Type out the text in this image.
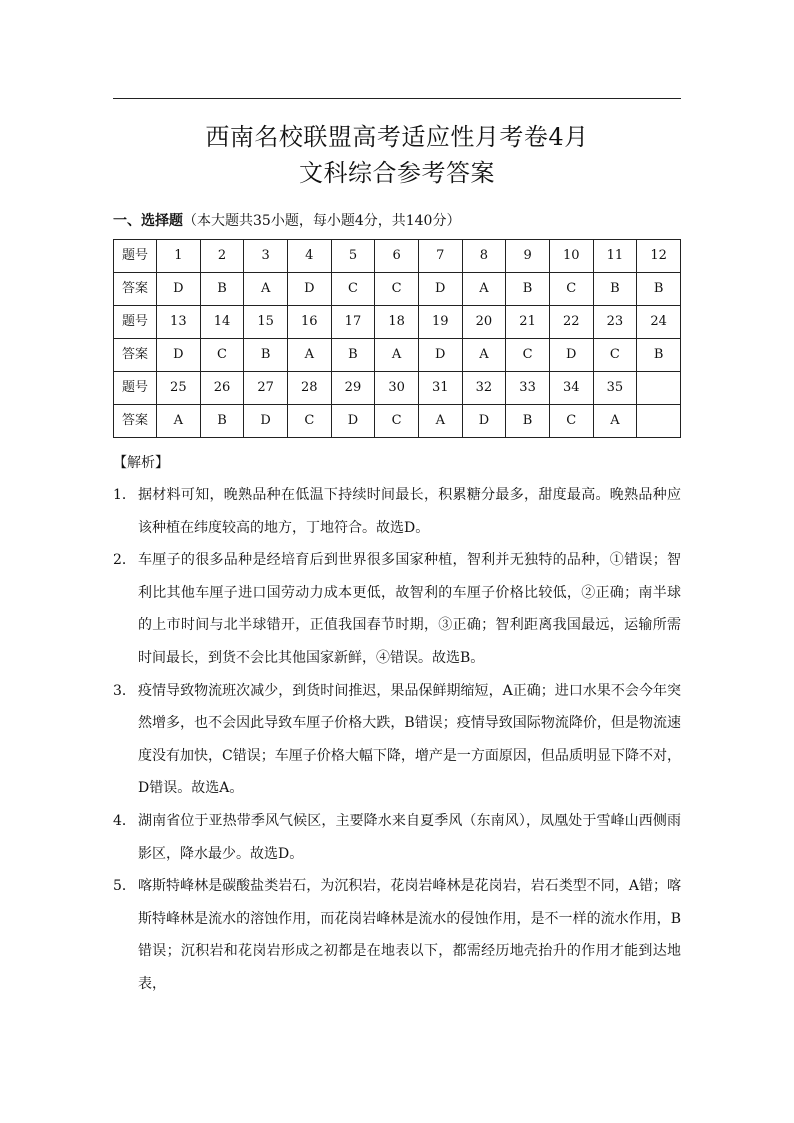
西南名校联盟高考适应性月考卷4月
文科综合参考答案
一、选择题（本大题共35小题，每小题4分，共140分）
题号	1	2	3	4	5	6	7	8	9	10	11	12
答案	D	B	A	D	C	C	D	A	B	C	B	B
题号	13	14	15	16	17	18	19	20	21	22	23	24
答案	D	C	B	A	B	A	D	A	C	D	C	B
题号	25	26	27	28	29	30	31	32	33	34	35	
答案	A	B	D	C	D	C	A	D	B	C	A	
【解析】
1． 据材料可知，晚熟品种在低温下持续时间最长，积累糖分最多，甜度最高。晚熟品种应该种植在纬度较高的地方，丁地符合。故选D。
2． 车厘子的很多品种是经培育后到世界很多国家种植，智利并无独特的品种，①错误；智利比其他车厘子进口国劳动力成本更低，故智利的车厘子价格比较低，②正确；南半球的上市时间与北半球错开，正值我国春节时期，③正确；智利距离我国最远，运输所需时间最长，到货不会比其他国家新鲜，④错误。故选B。
3． 疫情导致物流班次减少，到货时间推迟，果品保鲜期缩短，A正确；进口水果不会今年突然增多，也不会因此导致车厘子价格大跌，B错误；疫情导致国际物流降价，但是物流速度没有加快，C错误；车厘子价格大幅下降，增产是一方面原因，但品质明显下降不对，D错误。故选A。
4． 湖南省位于亚热带季风气候区，主要降水来自夏季风（东南风），凤凰处于雪峰山西侧雨影区，降水最少。故选D。
5． 喀斯特峰林是碳酸盐类岩石，为沉积岩，花岗岩峰林是花岗岩，岩石类型不同，A错；喀斯特峰林是流水的溶蚀作用，而花岗岩峰林是流水的侵蚀作用，是不一样的流水作用，B错误；沉积岩和花岗岩形成之初都是在地表以下，都需经历地壳抬升的作用才能到达地表，
